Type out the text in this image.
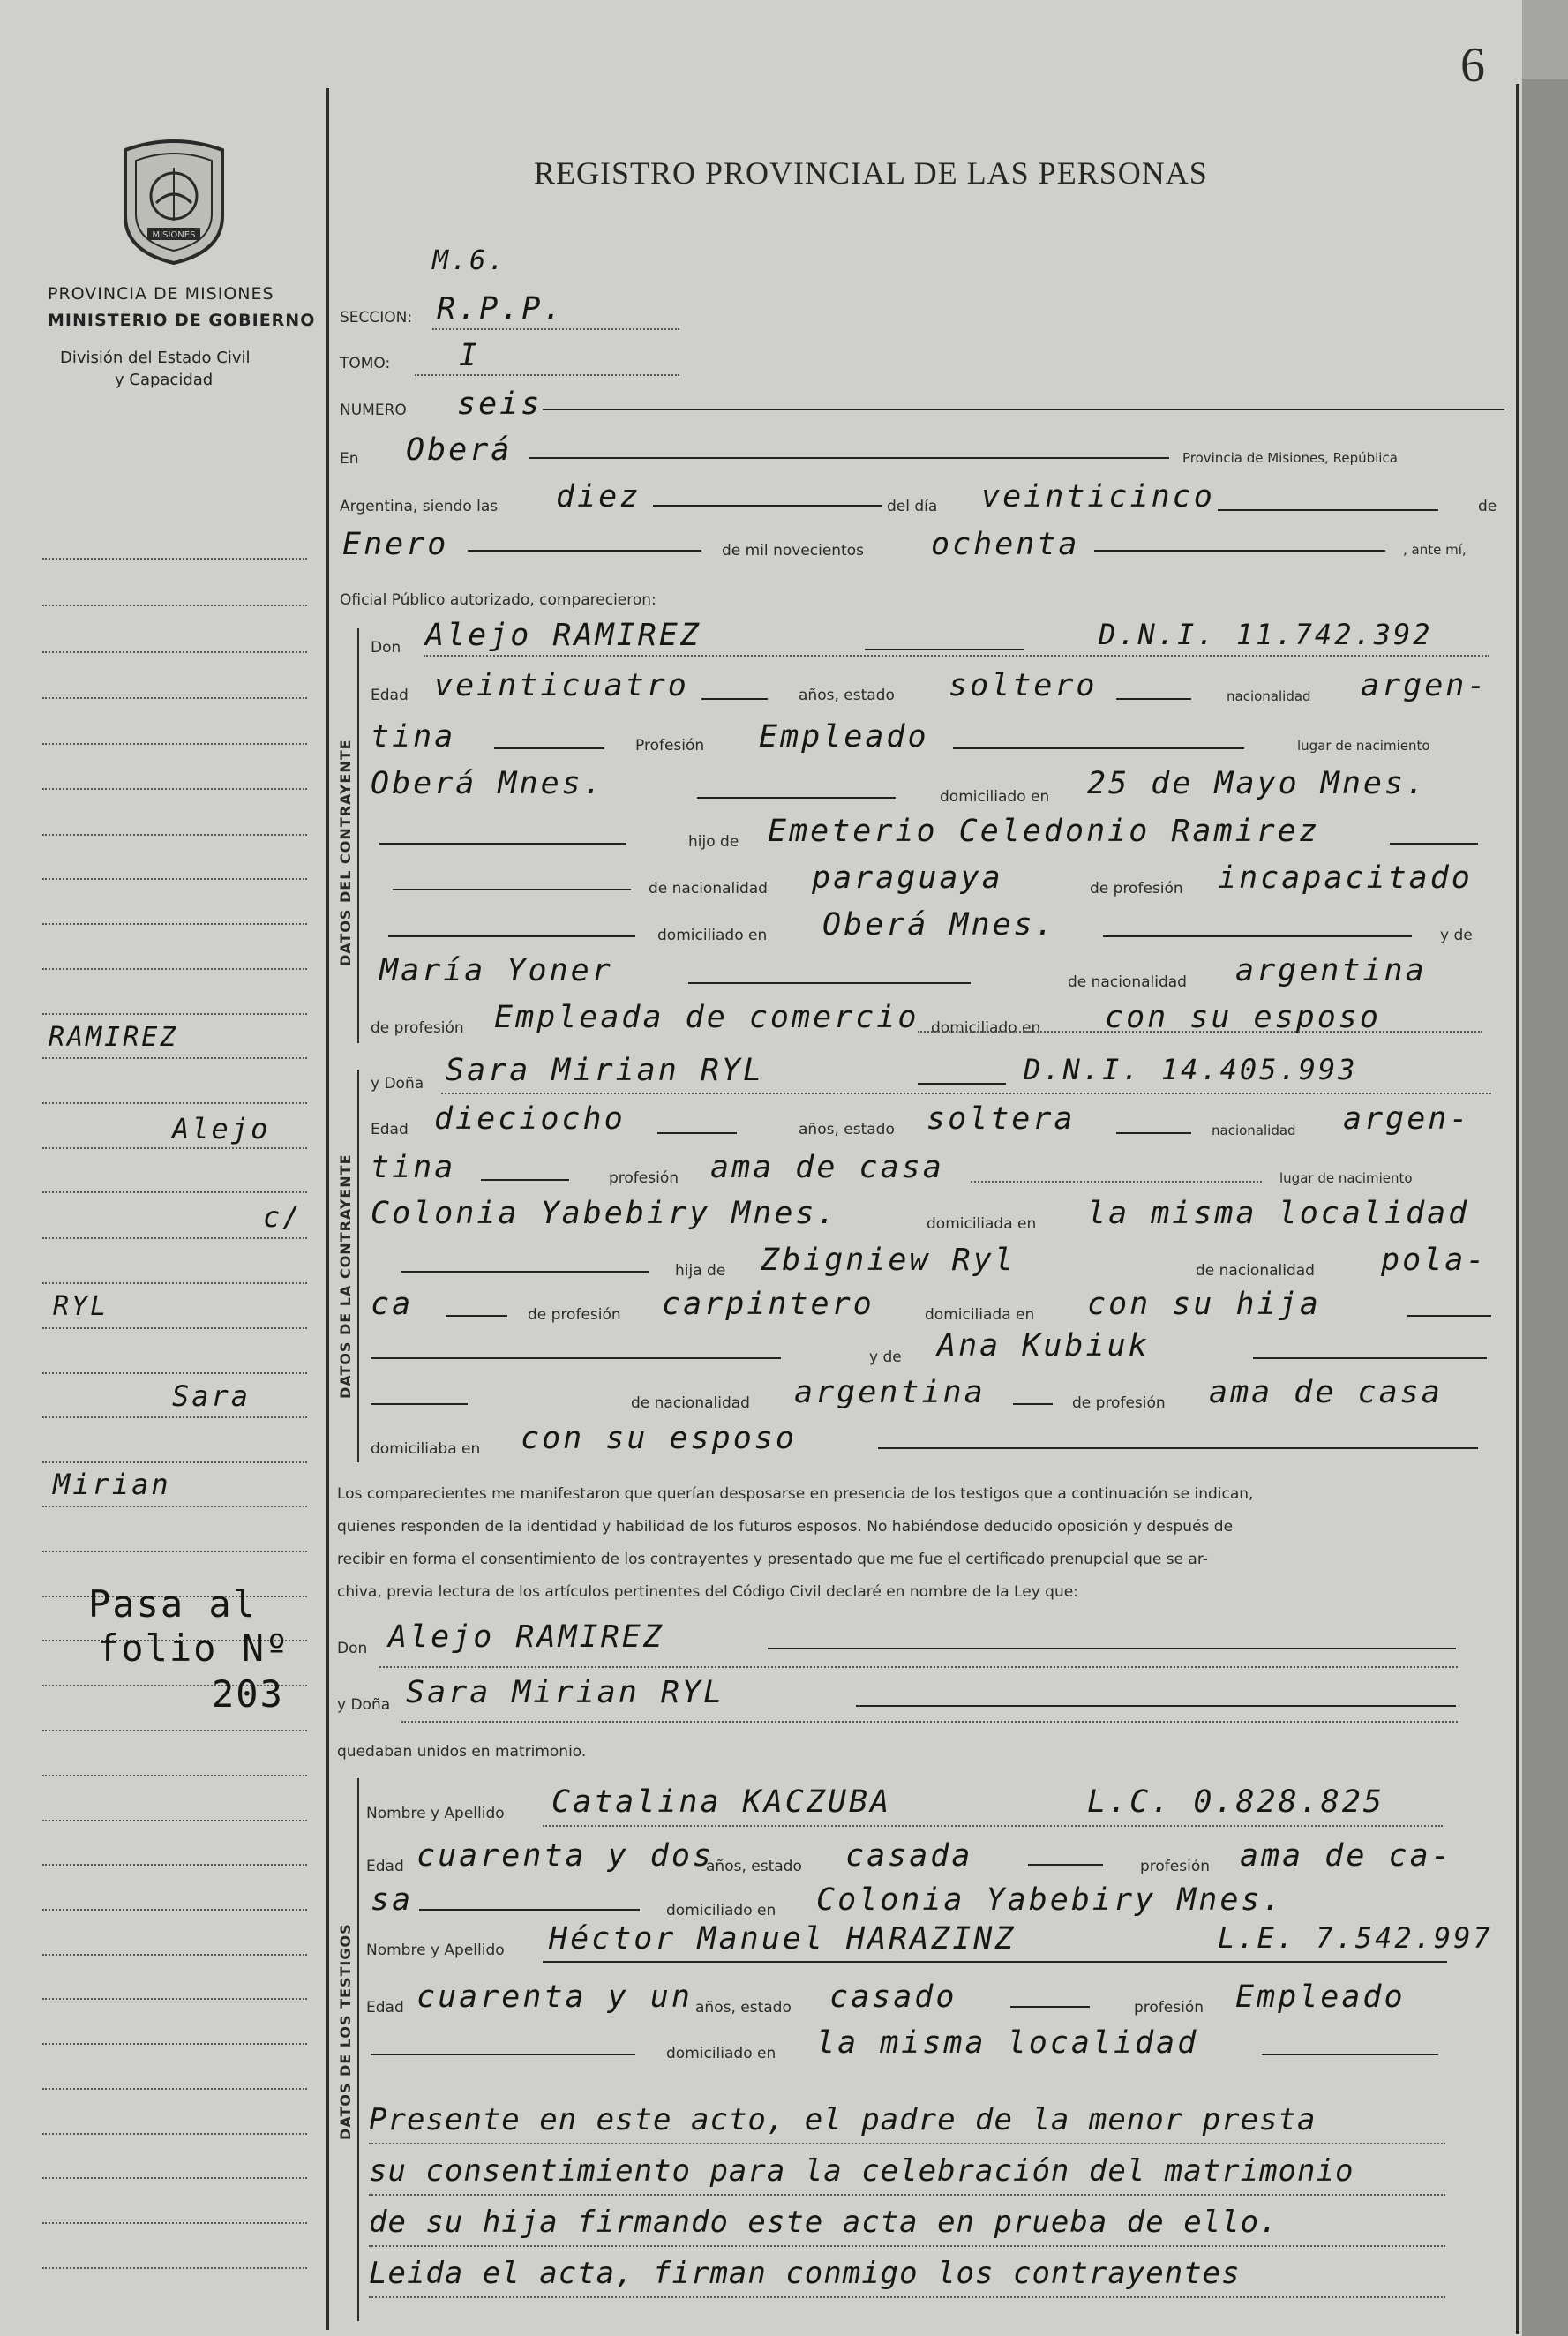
6
MISIONES
PROVINCIA DE MISIONES
MINISTERIO DE GOBIERNO
División del Estado Civil
y Capacidad
REGISTRO PROVINCIAL DE LAS PERSONAS
M.6.
SECCION: R.P.P.
TOMO: I
NUMERO seis
En Oberá	Provincia de Misiones, República
Argentina, siendo las diez	del día veinticinco	de
Enero	de mil novecientos ochenta	, ante mí,
Oficial Público autorizado, comparecieron:
DATOS DEL CONTRAYENTE
Don Alejo RAMIREZ	D.N.I. 11.742.392
Edad veinticuatro	años, estado soltero	nacionalidad argen-
tina	Profesión Empleado	lugar de nacimiento
Oberá Mnes.	domiciliado en 25 de Mayo Mnes.
hijo de Emeterio Celedonio Ramirez
de nacionalidad paraguaya	de profesión incapacitado
domiciliado en Oberá Mnes.	y de
María Yoner	de nacionalidad argentina
de profesión Empleada de comercio domiciliado en con su esposo
DATOS DE LA CONTRAYENTE
y Doña Sara Mirian RYL	D.N.I. 14.405.993
Edad dieciocho	años, estado soltera	nacionalidad argen-
tina	profesión ama de casa	lugar de nacimiento
Colonia Yabebiry Mnes.	domiciliada en la misma localidad
hija de Zbigniew Ryl	de nacionalidad pola-
ca	de profesión carpintero	domiciliada en con su hija
y de Ana Kubiuk
de nacionalidad argentina	de profesión ama de casa
domiciliaba en con su esposo
Los comparecientes me manifestaron que querían desposarse en presencia de los testigos que a continuación se indican,
quienes responden de la identidad y habilidad de los futuros esposos. No habiéndose deducido oposición y después de
recibir en forma el consentimiento de los contrayentes y presentado que me fue el certificado prenupcial que se ar-
chiva, previa lectura de los artículos pertinentes del Código Civil declaré en nombre de la Ley que:
Don Alejo RAMIREZ
y Doña Sara Mirian RYL
quedaban unidos en matrimonio.
DATOS DE LOS TESTIGOS
Nombre y Apellido Catalina KACZUBA	L.C. 0.828.825
Edad cuarenta y dos
años, estado casada	profesión ama de ca-
sa	domiciliado en Colonia Yabebiry Mnes.
Nombre y Apellido Héctor Manuel HARAZINZ	L.E. 7.542.997
Edad cuarenta y un años, estado casado	profesión Empleado
domiciliado en la misma localidad
Presente en este acto, el padre de la menor presta
su consentimiento para la celebración del matrimonio
de su hija firmando este acta en prueba de ello.
Leida el acta, firman conmigo los contrayentes
RAMIREZ
Alejo
c/
RYL
Sara
Mirian
Pasa al
folio Nº
203
